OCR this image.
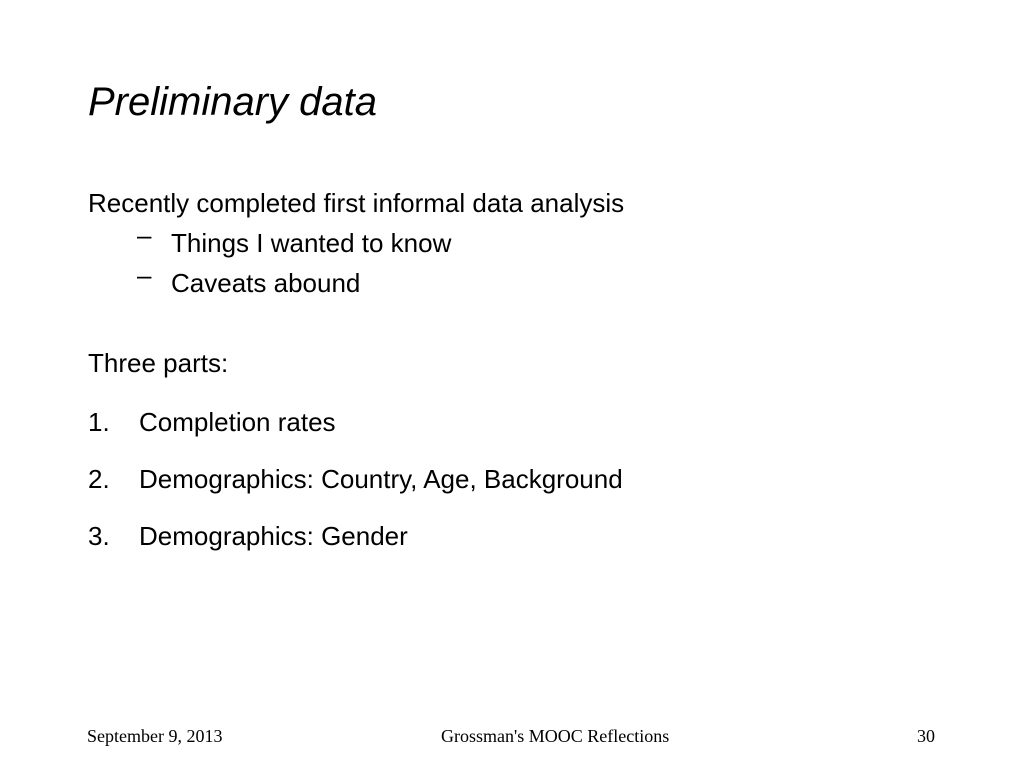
Preliminary data
Recently completed first informal data analysis
– Things I wanted to know
– Caveats abound
Three parts:
1. Completion rates
2. Demographics: Country, Age, Background
3. Demographics: Gender
September 9, 2013	Grossman's MOOC Reflections	30
